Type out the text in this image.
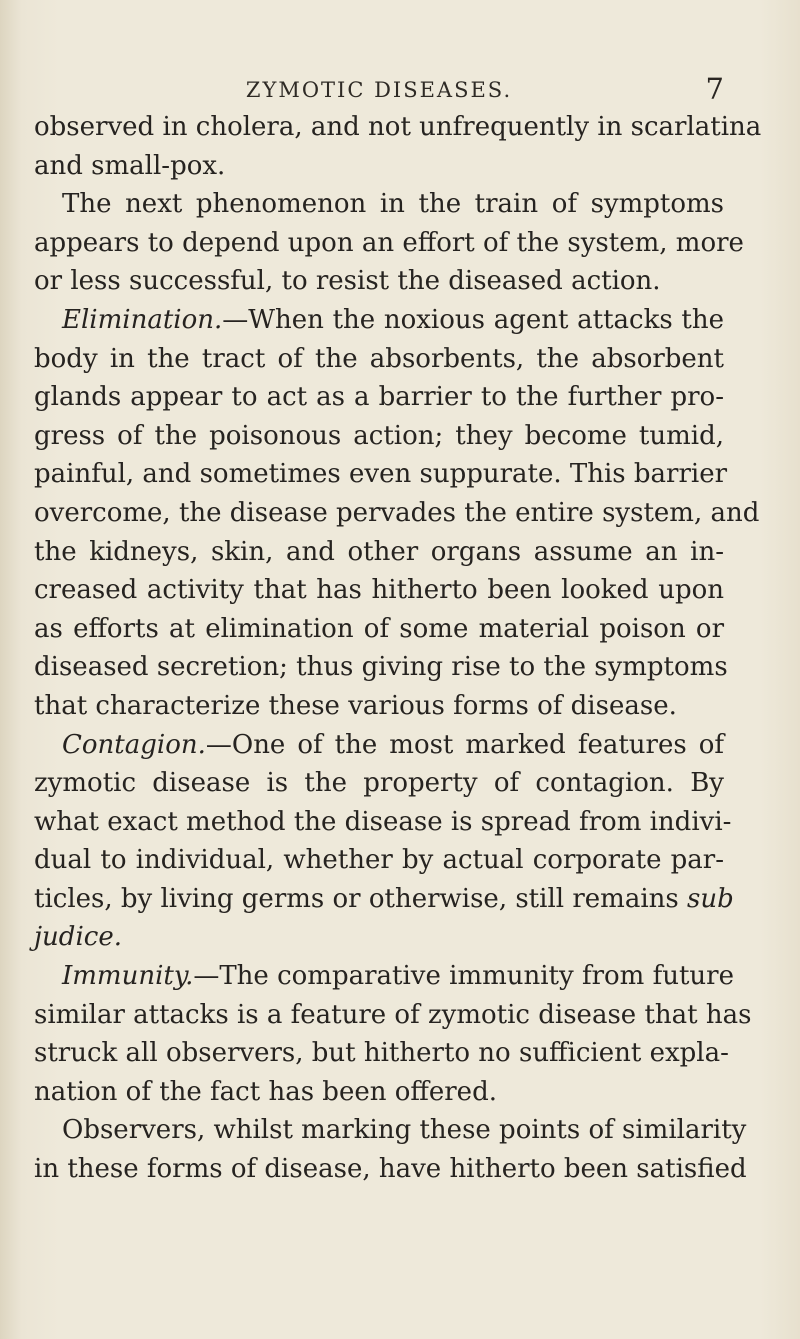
ZYMOTIC DISEASES.	7
observed in cholera, and not unfrequently in scarlatina
and small-pox.
The next phenomenon in the train of symptoms
appears to depend upon an effort of the system, more
or less successful, to resist the diseased action.
Elimination.—When the noxious agent attacks the
body in the tract of the absorbents, the absorbent
glands appear to act as a barrier to the further pro-
gress of the poisonous action; they become tumid,
painful, and sometimes even suppurate. This barrier
overcome, the disease pervades the entire system, and
the kidneys, skin, and other organs assume an in-
creased activity that has hitherto been looked upon
as efforts at elimination of some material poison or
diseased secretion; thus giving rise to the symptoms
that characterize these various forms of disease.
Contagion.—One of the most marked features of
zymotic disease is the property of contagion. By
what exact method the disease is spread from indivi-
dual to individual, whether by actual corporate par-
ticles, by living germs or otherwise, still remains sub
judice.
Immunity.—The comparative immunity from future
similar attacks is a feature of zymotic disease that has
struck all observers, but hitherto no sufficient expla-
nation of the fact has been offered.
Observers, whilst marking these points of similarity
in these forms of disease, have hitherto been satisfied
